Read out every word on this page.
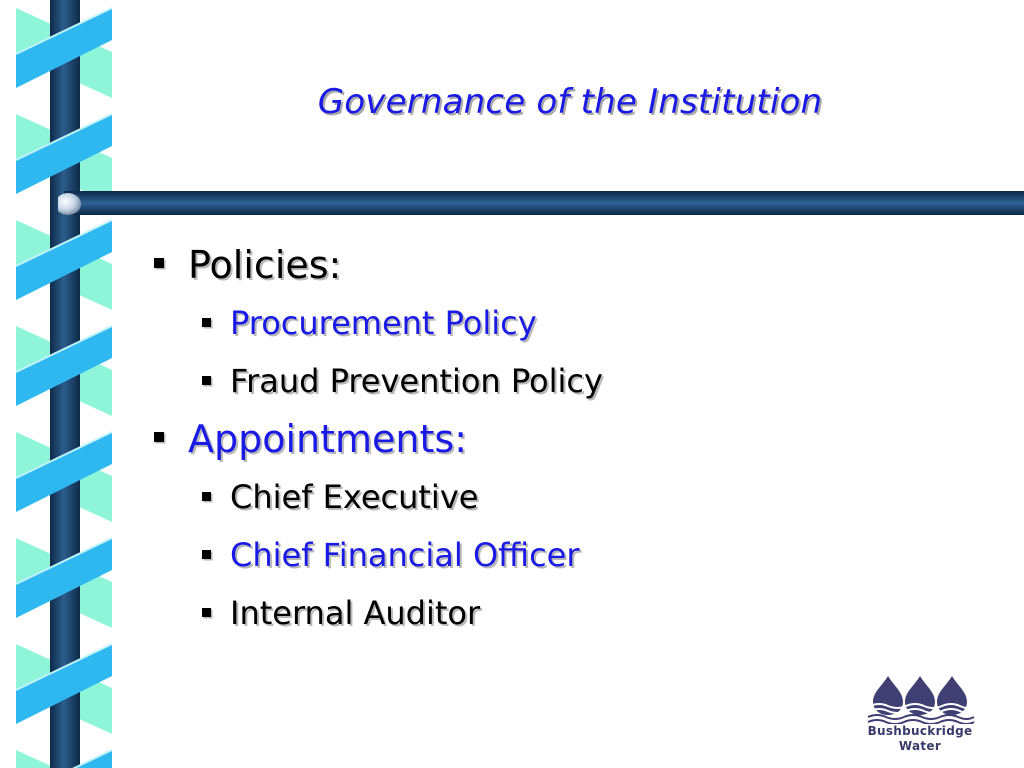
Governance of the Institution
Policies:
Procurement Policy
Fraud Prevention Policy
Appointments:
Chief Executive
Chief Financial Officer
Internal Auditor
Bushbuckridge
Water
